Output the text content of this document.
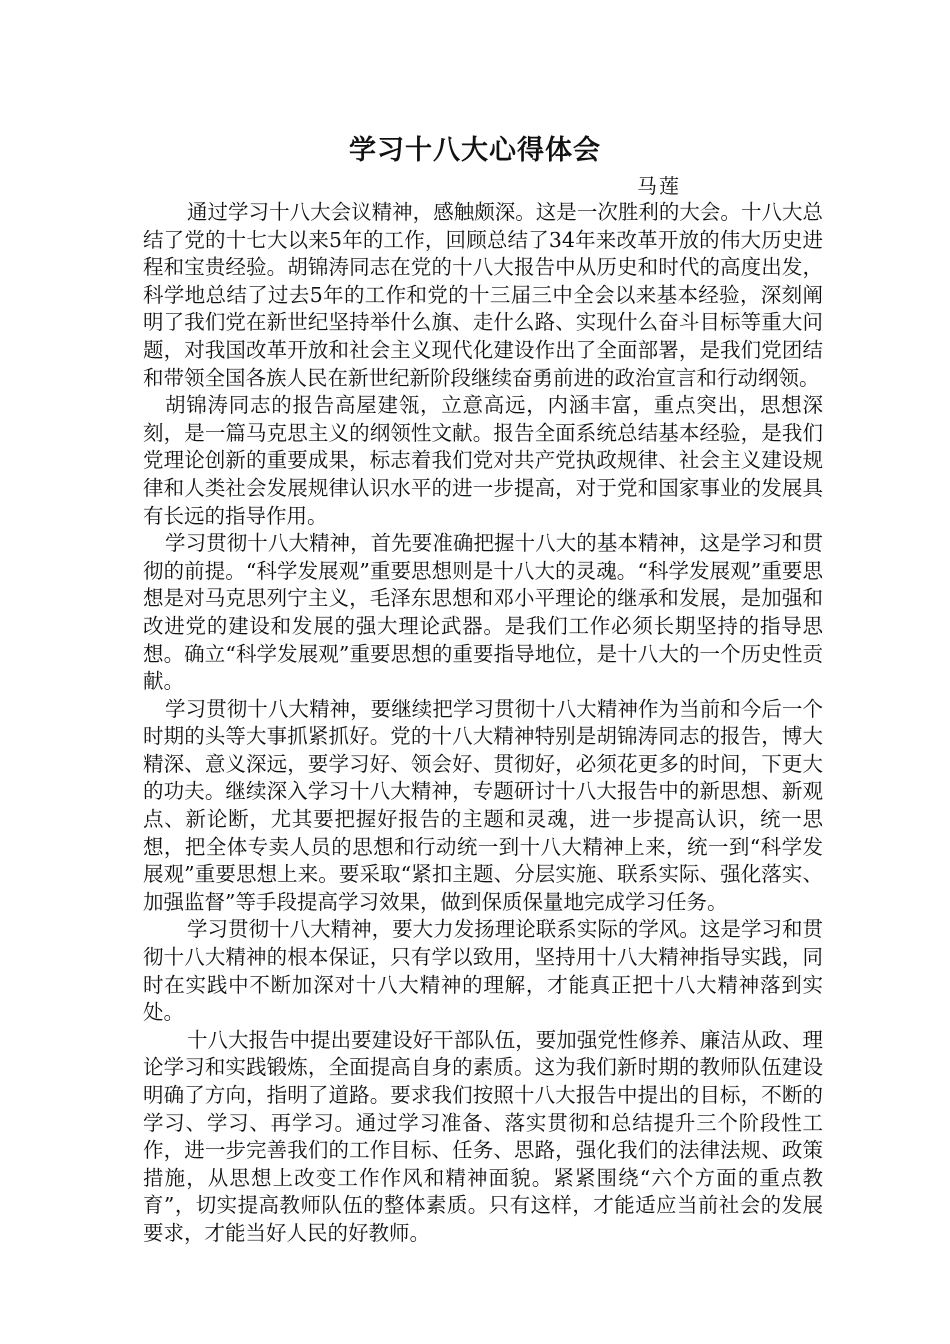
学习十八大心得体会
马莲

通过学习十八大会议精神，感触颇深。这是一次胜利的大会。十八大总结了党的十七大以来5年的工作，回顾总结了34年来改革开放的伟大历史进程和宝贵经验。胡锦涛同志在党的十八大报告中从历史和时代的高度出发，科学地总结了过去5年的工作和党的十三届三中全会以来基本经验，深刻阐明了我们党在新世纪坚持举什么旗、走什么路、实现什么奋斗目标等重大问题，对我国改革开放和社会主义现代化建设作出了全面部署，是我们党团结和带领全国各族人民在新世纪新阶段继续奋勇前进的政治宣言和行动纲领。

胡锦涛同志的报告高屋建瓴，立意高远，内涵丰富，重点突出，思想深刻，是一篇马克思主义的纲领性文献。报告全面系统总结基本经验，是我们党理论创新的重要成果，标志着我们党对共产党执政规律、社会主义建设规律和人类社会发展规律认识水平的进一步提高，对于党和国家事业的发展具有长远的指导作用。

学习贯彻十八大精神，首先要准确把握十八大的基本精神，这是学习和贯彻的前提。“科学发展观”重要思想则是十八大的灵魂。“科学发展观”重要思想是对马克思列宁主义，毛泽东思想和邓小平理论的继承和发展，是加强和改进党的建设和发展的强大理论武器。是我们工作必须长期坚持的指导思想。确立“科学发展观”重要思想的重要指导地位，是十八大的一个历史性贡献。

学习贯彻十八大精神，要继续把学习贯彻十八大精神作为当前和今后一个时期的头等大事抓紧抓好。党的十八大精神特别是胡锦涛同志的报告，博大精深、意义深远，要学习好、领会好、贯彻好，必须花更多的时间，下更大的功夫。继续深入学习十八大精神，专题研讨十八大报告中的新思想、新观点、新论断，尤其要把握好报告的主题和灵魂，进一步提高认识，统一思想，把全体专卖人员的思想和行动统一到十八大精神上来，统一到“科学发展观”重要思想上来。要采取“紧扣主题、分层实施、联系实际、强化落实、加强监督”等手段提高学习效果，做到保质保量地完成学习任务。

学习贯彻十八大精神，要大力发扬理论联系实际的学风。这是学习和贯彻十八大精神的根本保证，只有学以致用，坚持用十八大精神指导实践，同时在实践中不断加深对十八大精神的理解，才能真正把十八大精神落到实处。

十八大报告中提出要建设好干部队伍，要加强党性修养、廉洁从政、理论学习和实践锻炼，全面提高自身的素质。这为我们新时期的教师队伍建设明确了方向，指明了道路。要求我们按照十八大报告中提出的目标，不断的学习、学习、再学习。通过学习准备、落实贯彻和总结提升三个阶段性工作，进一步完善我们的工作目标、任务、思路，强化我们的法律法规、政策措施，从思想上改变工作作风和精神面貌。紧紧围绕“六个方面的重点教育”，切实提高教师队伍的整体素质。只有这样，才能适应当前社会的发展要求，才能当好人民的好教师。
